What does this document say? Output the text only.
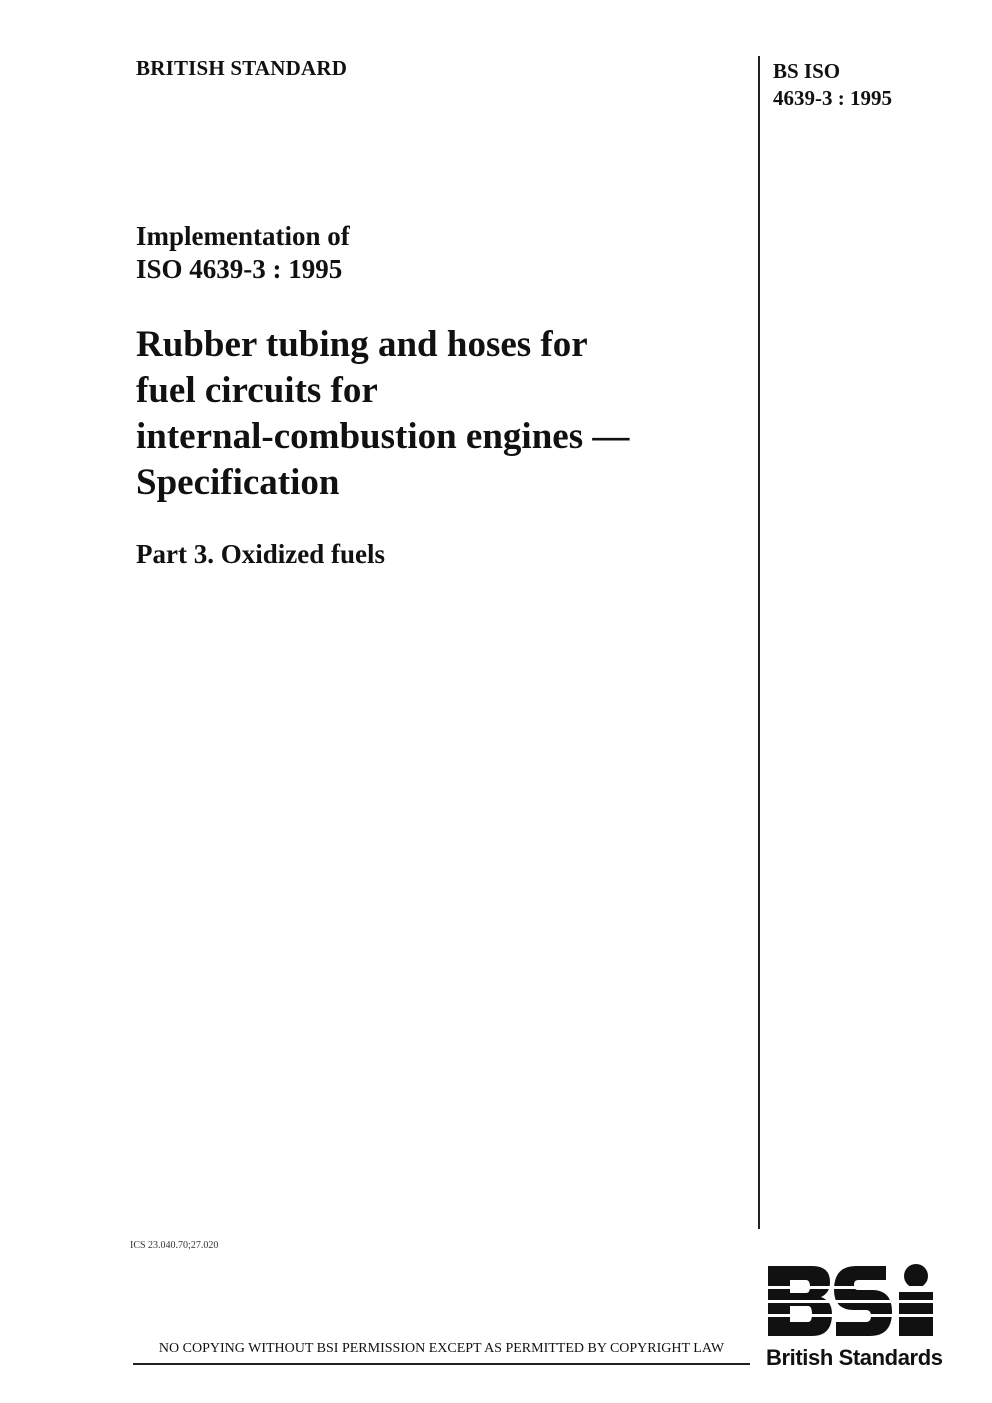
BRITISH STANDARD	BS ISO
4639-3 : 1995
Implementation of
ISO 4639-3 : 1995
Rubber tubing and hoses for
fuel circuits for
internal-combustion engines —
Specification
Part 3. Oxidized fuels
ICS 23.040.70;27.020
NO COPYING WITHOUT BSI PERMISSION EXCEPT AS PERMITTED BY COPYRIGHT LAW	British Standards
